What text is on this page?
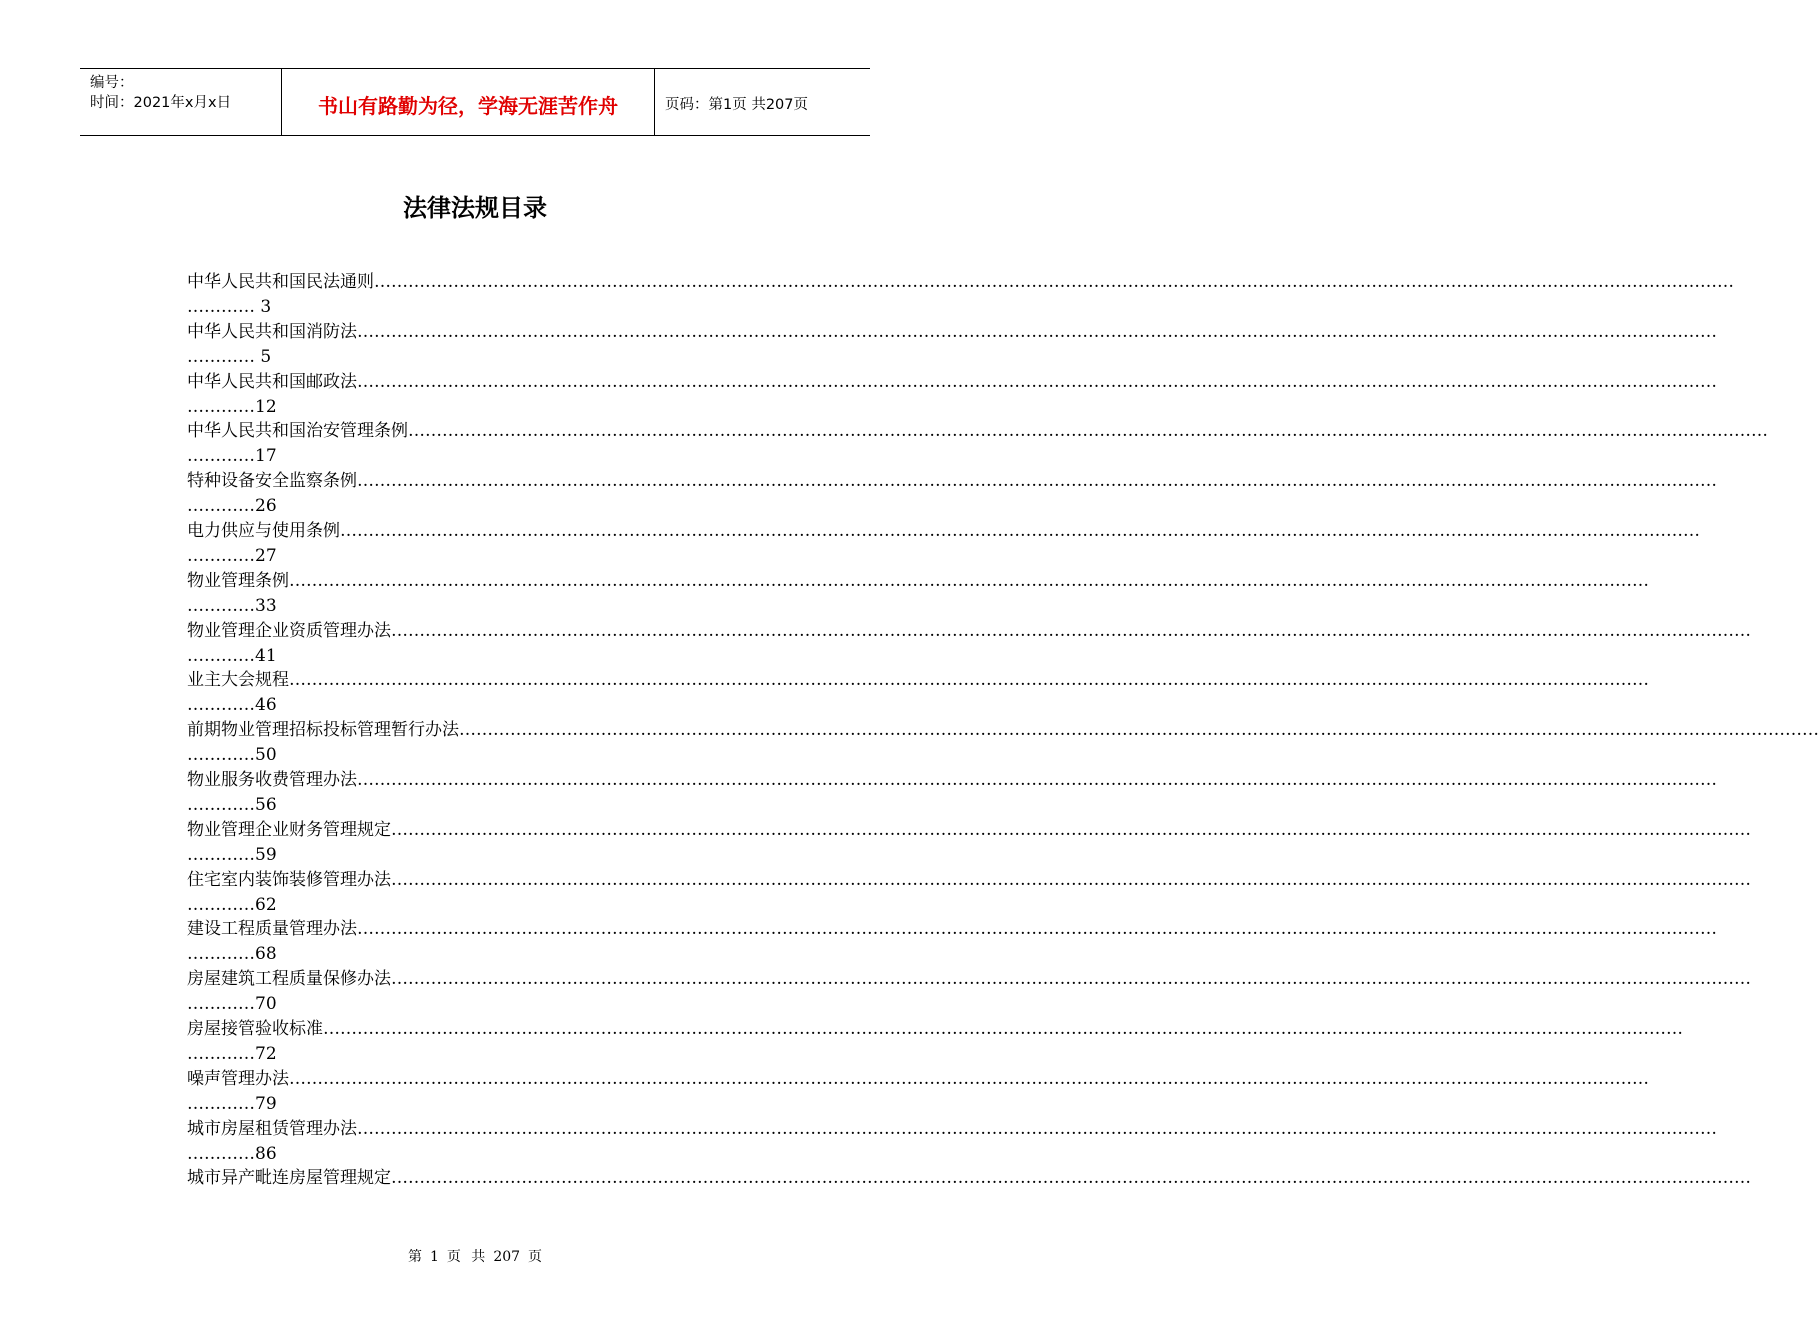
编号：
时间：2021年x月x日	书山有路勤为径，学海无涯苦作舟	页码：第1页 共207页
法律法规目录
中华人民共和国民法通则……………………………………………………………………………………………………………………………………………………………………………………………………………………
………… 3
中华人民共和国消防法……………………………………………………………………………………………………………………………………………………………………………………………………………………
………… 5
中华人民共和国邮政法……………………………………………………………………………………………………………………………………………………………………………………………………………………
…………12
中华人民共和国治安管理条例……………………………………………………………………………………………………………………………………………………………………………………………………………………
…………17
特种设备安全监察条例……………………………………………………………………………………………………………………………………………………………………………………………………………………
…………26
电力供应与使用条例……………………………………………………………………………………………………………………………………………………………………………………………………………………
…………27
物业管理条例……………………………………………………………………………………………………………………………………………………………………………………………………………………
…………33
物业管理企业资质管理办法……………………………………………………………………………………………………………………………………………………………………………………………………………………
…………41
业主大会规程……………………………………………………………………………………………………………………………………………………………………………………………………………………
…………46
前期物业管理招标投标管理暂行办法……………………………………………………………………………………………………………………………………………………………………………………………………………………
…………50
物业服务收费管理办法……………………………………………………………………………………………………………………………………………………………………………………………………………………
…………56
物业管理企业财务管理规定……………………………………………………………………………………………………………………………………………………………………………………………………………………
…………59
住宅室内装饰装修管理办法……………………………………………………………………………………………………………………………………………………………………………………………………………………
…………62
建设工程质量管理办法……………………………………………………………………………………………………………………………………………………………………………………………………………………
…………68
房屋建筑工程质量保修办法……………………………………………………………………………………………………………………………………………………………………………………………………………………
…………70
房屋接管验收标准……………………………………………………………………………………………………………………………………………………………………………………………………………………
…………72
噪声管理办法……………………………………………………………………………………………………………………………………………………………………………………………………………………
…………79
城市房屋租赁管理办法……………………………………………………………………………………………………………………………………………………………………………………………………………………
…………86
城市异产毗连房屋管理规定……………………………………………………………………………………………………………………………………………………………………………………………………………………
第 1 页 共 207 页
